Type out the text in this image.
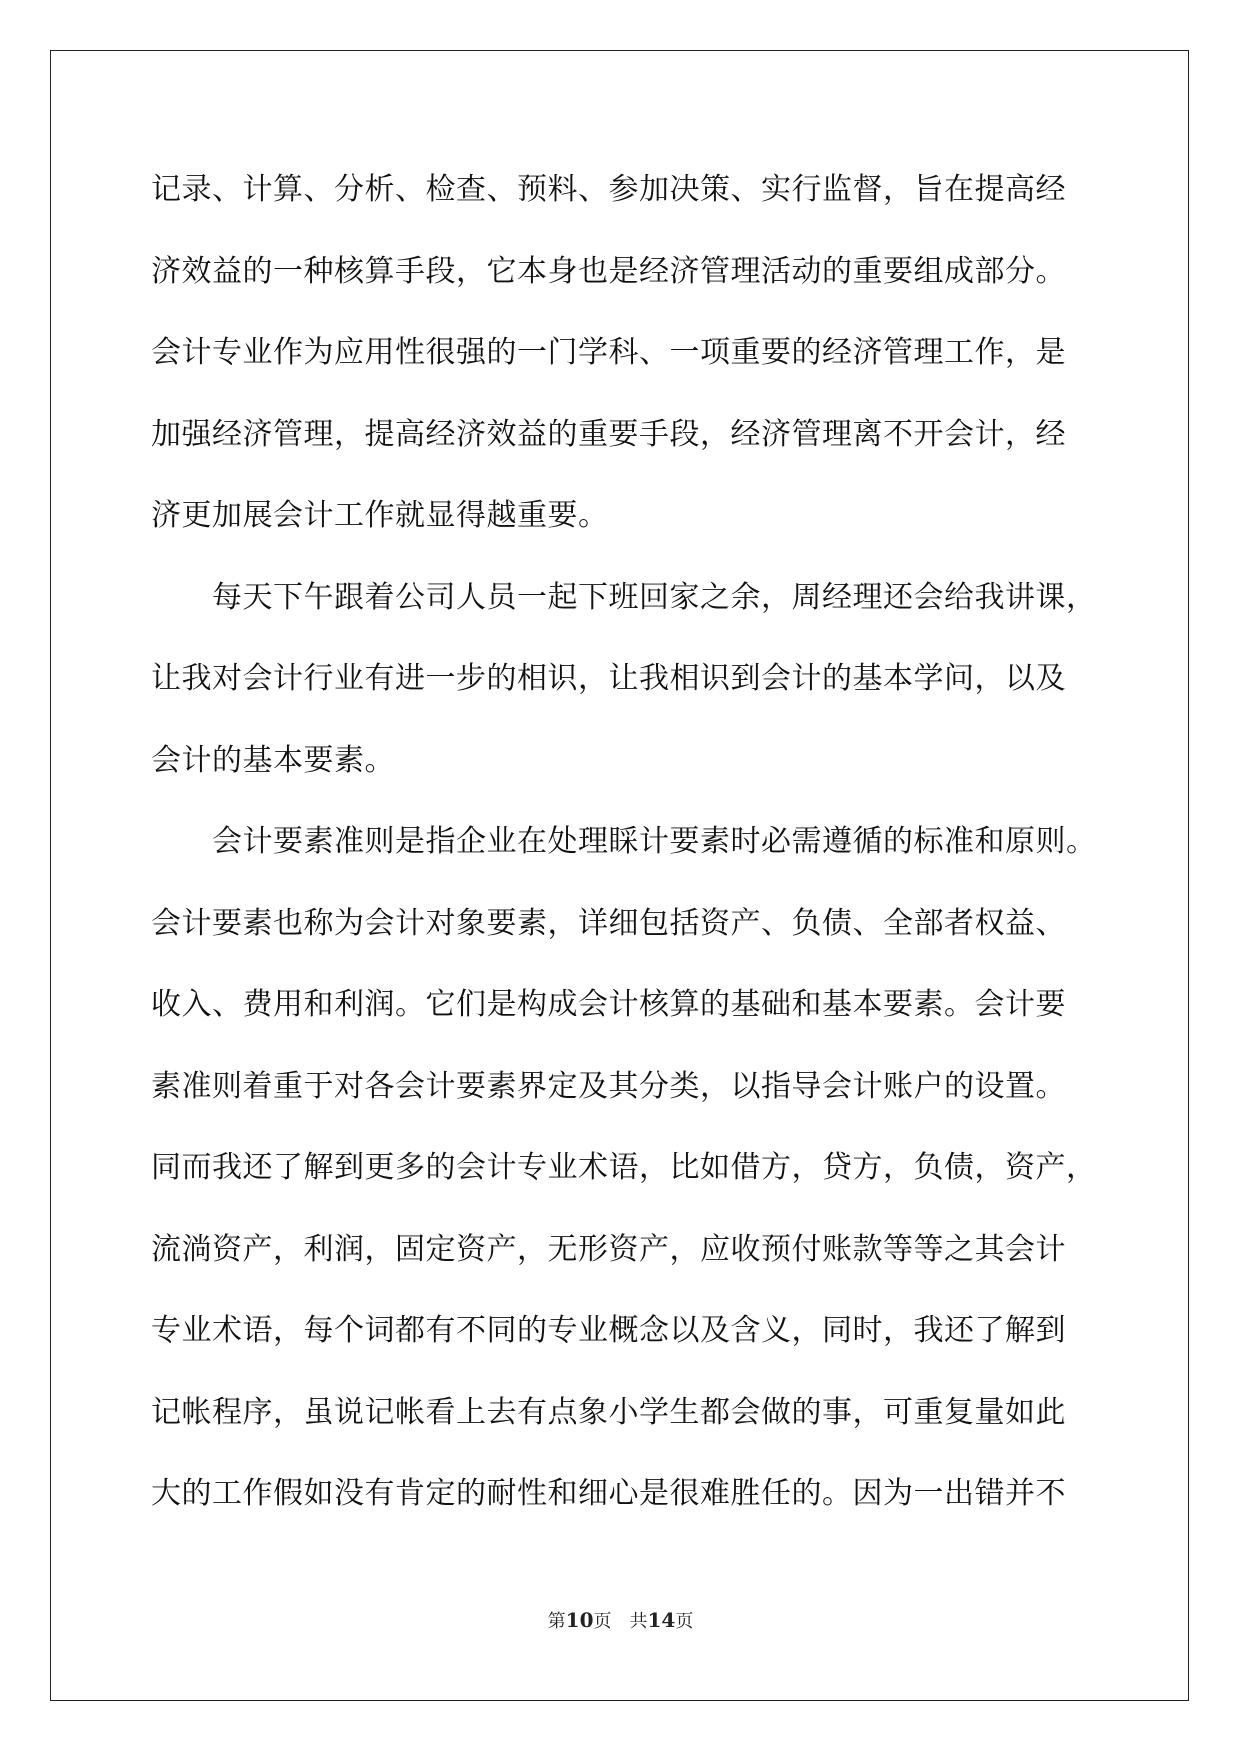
记录、计算、分析、检查、预料、参加决策、实行监督，旨在提高经
济效益的一种核算手段，它本身也是经济管理活动的重要组成部分。
会计专业作为应用性很强的一门学科、一项重要的经济管理工作，是
加强经济管理，提高经济效益的重要手段，经济管理离不开会计，经
济更加展会计工作就显得越重要。
每天下午跟着公司人员一起下班回家之余，周经理还会给我讲课，
让我对会计行业有进一步的相识，让我相识到会计的基本学问，以及
会计的基本要素。
会计要素准则是指企业在处理睬计要素时必需遵循的标准和原则。
会计要素也称为会计对象要素，详细包括资产、负债、全部者权益、
收入、费用和利润。它们是构成会计核算的基础和基本要素。会计要
素准则着重于对各会计要素界定及其分类，以指导会计账户的设置。
同而我还了解到更多的会计专业术语，比如借方，贷方，负债，资产，
流淌资产，利润，固定资产，无形资产，应收预付账款等等之其会计
专业术语，每个词都有不同的专业概念以及含义，同时，我还了解到
记帐程序，虽说记帐看上去有点象小学生都会做的事，可重复量如此
大的工作假如没有肯定的耐性和细心是很难胜任的。因为一出错并不
第10页 共14页
